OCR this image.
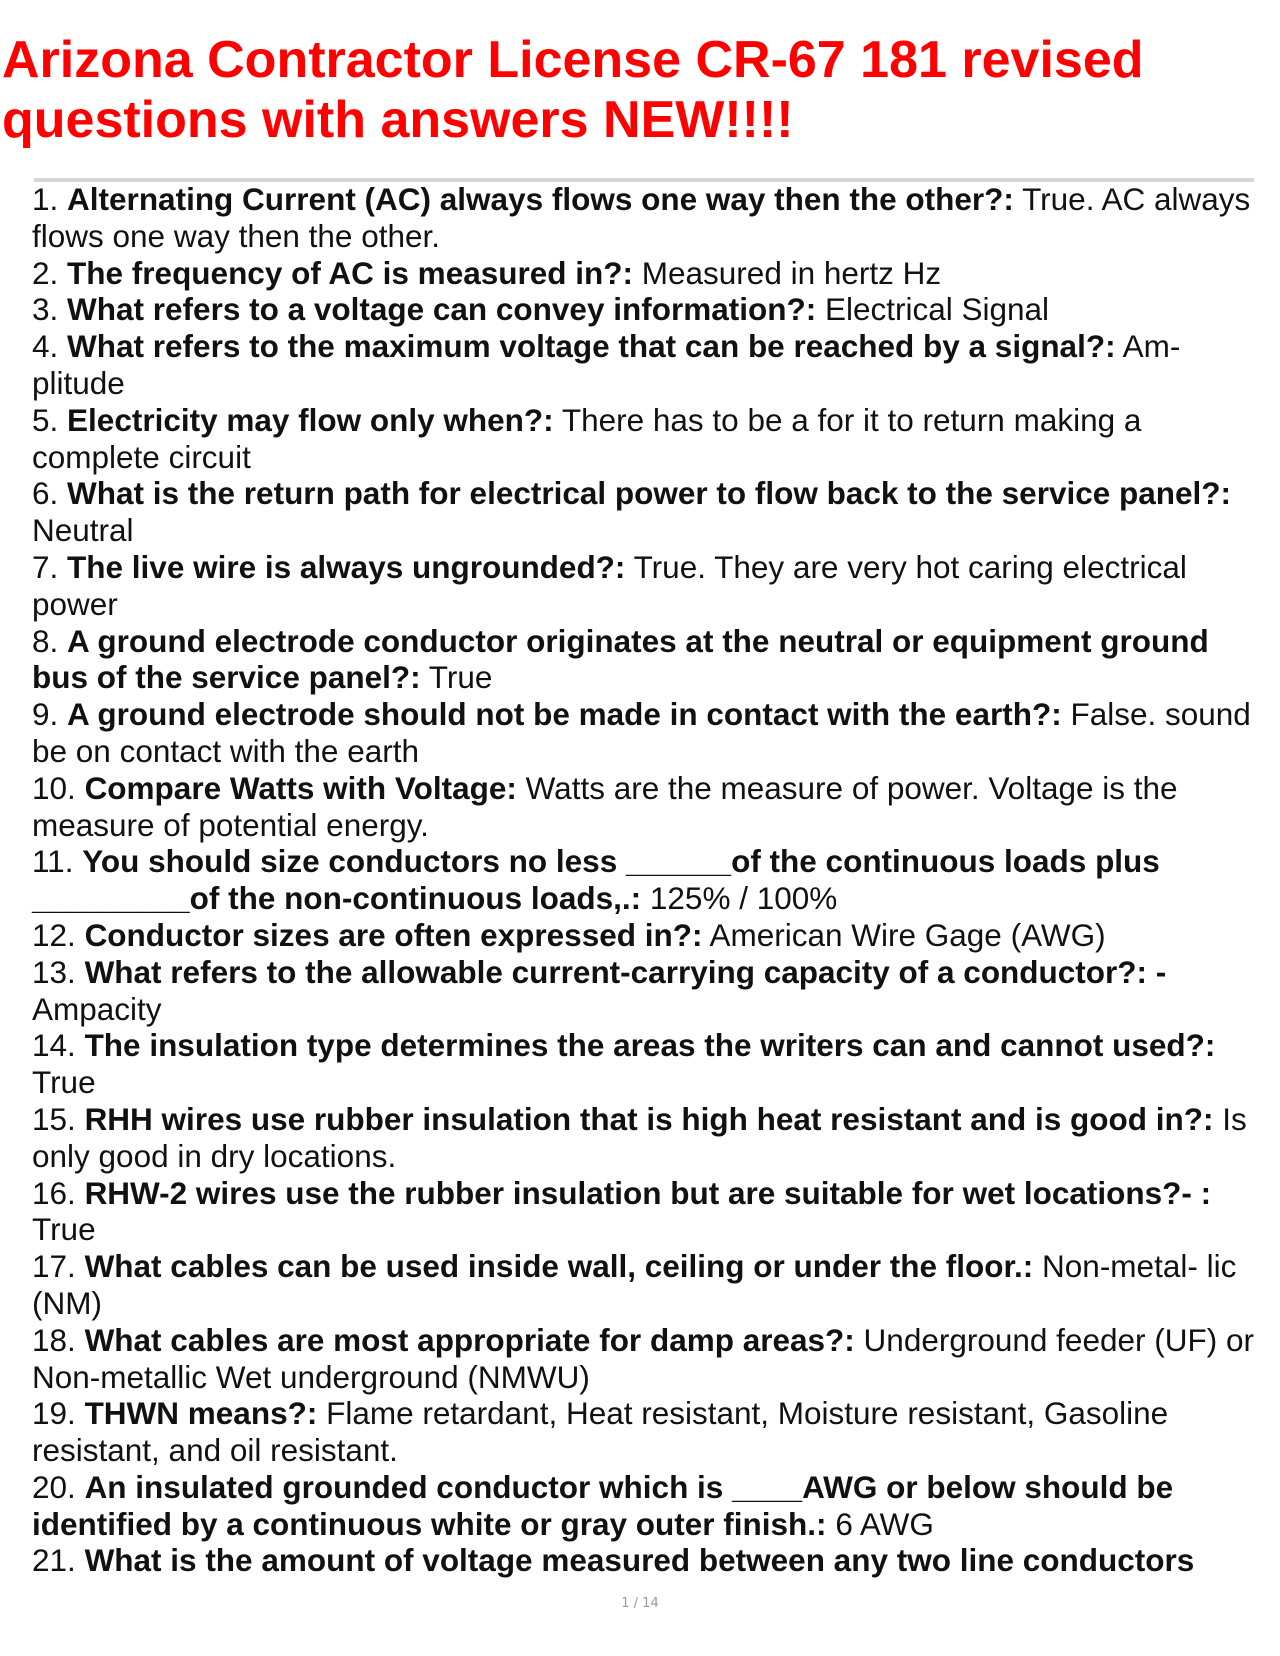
Arizona Contractor License CR-67 181 revised questions with answers NEW!!!!
1. Alternating Current (AC) always flows one way then the other?: True. AC always flows one way then the other.
2. The frequency of AC is measured in?: Measured in hertz Hz
3. What refers to a voltage can convey information?: Electrical Signal
4. What refers to the maximum voltage that can be reached by a signal?: Am- plitude
5. Electricity may flow only when?: There has to be a for it to return making a complete circuit
6. What is the return path for electrical power to flow back to the service panel?: Neutral
7. The live wire is always ungrounded?: True. They are very hot caring electrical power
8. A ground electrode conductor originates at the neutral or equipment ground bus of the service panel?: True
9. A ground electrode should not be made in contact with the earth?: False. sound be on contact with the earth
10. Compare Watts with Voltage: Watts are the measure of power. Voltage is the measure of potential energy.
11. You should size conductors no less ______of the continuous loads plus _________of the non-continuous loads,.: 125% / 100%
12. Conductor sizes are often expressed in?: American Wire Gage (AWG)
13. What refers to the allowable current-carrying capacity of a conductor?: - Ampacity
14. The insulation type determines the areas the writers can and cannot used?: True
15. RHH wires use rubber insulation that is high heat resistant and is good in?: Is only good in dry locations.
16. RHW-2 wires use the rubber insulation but are suitable for wet locations?- : True
17. What cables can be used inside wall, ceiling or under the floor.: Non-metal- lic (NM)
18. What cables are most appropriate for damp areas?: Underground feeder (UF) or Non-metallic Wet underground (NMWU)
19. THWN means?: Flame retardant, Heat resistant, Moisture resistant, Gasoline resistant, and oil resistant.
20. An insulated grounded conductor which is ____AWG or below should be identified by a continuous white or gray outer finish.: 6 AWG
21. What is the amount of voltage measured between any two line conductors
1 / 14
